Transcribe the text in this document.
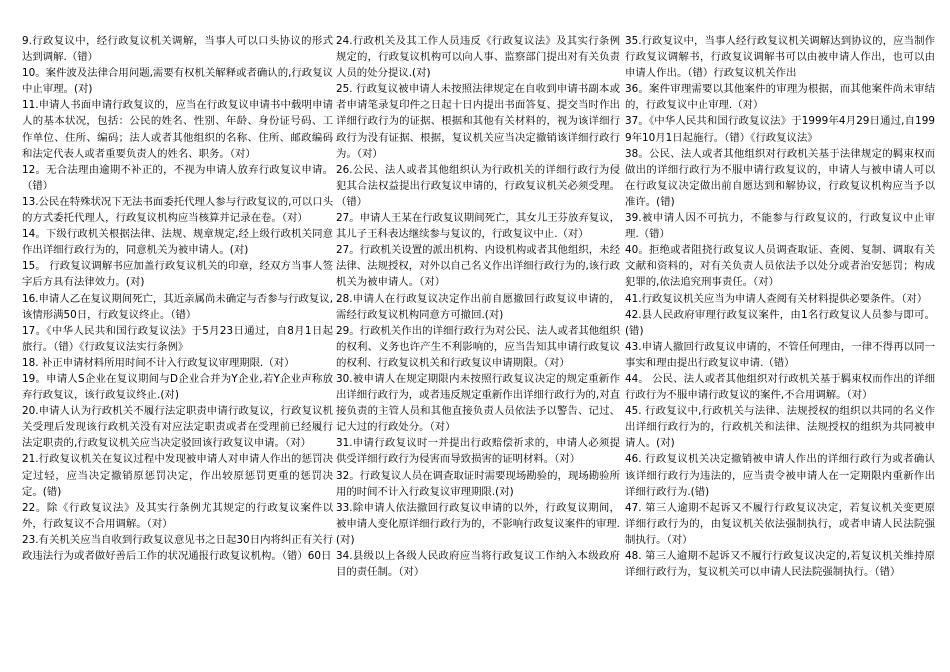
9.行政复议中，经行政复议机关调解，当事人可以口头协议的形式达到调解.（错）

10。案件波及法律合用问题,需要有权机关解释或者确认的,行政复议中止审理。(对)

11.申请人书面申请行政复议的，应当在行政复议申请书中载明申请人的基本状况，包括：公民的姓名、性别、年龄、身份证号码、工作单位、住所、编码；法人或者其他组织的名称、住所、邮政编码和法定代表人或者重要负责人的姓名、职务。（对）

12。无合法理由逾期不补正的，不视为申请人放弃行政复议申请。（错）

13.公民在特殊状况下无法书面委托代理人参与行政复议的,可以口头的方式委托代理人，行政复议机构应当核算并记录在卷。（对）

14。下级行政机关根据法律、法规、规章规定,经上级行政机关同意作出详细行政行为的，同意机关为被申请人。(对)

15。 行政复议调解书应加盖行政复议机关的印章，经双方当事人签字后方具有法律效力。(对)

16.申请人乙在复议期间死亡，其近亲属尚未确定与否参与行政复议,该情形满50日，行政复议终止。（错）

17。《中华人民共和国行政复议法》于5月23日通过，自8月1日起旅行。（错）《行政复议法实行条例》

18. 补正申请材料所用时间不计入行政复议审理期限.（对）

19。申请人S企业在复议期间与D企业合并为Y企业,若Y企业声称放弃行政复议，该行政复议终止.(对)

20.申请人认为行政机关不履行法定职责申请行政复议，行政复议机关受理后发现该行政机关没有对应法定职责或者在受理前已经履行法定职责的,行政复议机关应当决定驳回该行政复议申请。（对）

21.行政复议机关在复议过程中发现被申请人对申请人作出的惩罚决定过轻，应当决定撤销原惩罚决定，作出较原惩罚更重的惩罚决定。(错)

22。除《行政复议法》及其实行条例尤其规定的行政复议案件以外，行政复议不合用调解。（对）

23.有关机关应当自收到行政复议意见书之日起30日内将纠正有关行政违法行为或者做好善后工作的状况通报行政复议机构。（错）60日

24.行政机关及其工作人员违反《行政复议法》及其实行条例规定的，行政复议机构可以向人事、监察部门提出对有关负责人员的处分提议.(对)

25. 行政复议被申请人未按照法律规定在自收到申请书副本或者申请笔录复印件之日起十日内提出书面答复、提交当时作出详细行政行为的证据、根据和其他有关材料的，视为该详细行政行为没有证据、根据，复议机关应当决定撤销该详细行政行为。（对）

26.公民、法人或者其他组织认为行政机关的详细行政行为侵犯其合法权益提出行政复议申请的，行政复议机关必须受理。（错）

27。申请人王某在行政复议期间死亡，其女儿王芬放弃复议，其儿子王科表达继续参与复议的，行政复议中止.（对）

27。行政机关设置的派出机构、内设机构或者其他组织，未经法律、法规授权，对外以自己名义作出详细行政行为的,该行政机关为被申请人。（对）

28.申请人在行政复议决定作出前自愿撤回行政复议申请的，需经行政复议机构同意方可撤回.(对)

29。行政机关作出的详细行政行为对公民、法人或者其他组织的权利、义务也许产生不利影响的，应当告知其申请行政复议的权利、行政复议机关和行政复议申请期限。（对）

30.被申请人在规定期限内未按照行政复议决定的规定重新作出详细行政行为，或者违反规定重新作出详细行政行为的,对直接负责的主管人员和其他直接负责人员依法予以警告、记过、记大过的行政处分。（对）

31.申请行政复议时一并提出行政赔偿祈求的，申请人必须提供受详细行政行为侵害而导致损害的证明材料。（对）

32。行政复议人员在调查取证时需要现场勘验的，现场勘验所用的时间不计入行政复议审理期限.(对)

33.除申请人依法撤回行政复议申请的以外，行政复议期间，被申请人变化原详细行政行为的，不影响行政复议案件的审理.(对)

34.县级以上各级人民政府应当将行政复议工作纳入本级政府目的责任制。（对）

35.行政复议中，当事人经行政复议机关调解达到协议的，应当制作行政复议调解书，行政复议调解书可以由被申请人作出，也可以由申请人作出。（错）行政复议机关作出

36。案件审理需要以其他案件的审理为根据，而其他案件尚未审结的，行政复议中止审理.（对）

37。《中华人民共和国行政复议法》于1999年4月29日通过,自1999年10月1日起施行。（错）《行政复议法》

38。公民、法人或者其他组织对行政机关基于法律规定的羁束权而做出的详细行政行为不服申请行政复议的，申请人与被申请人可以在行政复议决定做出前自愿达到和解协议，行政复议机构应当予以准许。(错)

39.被申请人因不可抗力，不能参与行政复议的，行政复议中止审理.（错）

40。拒绝或者阻挠行政复议人员调查取证、查阅、复制、调取有关文献和资料的，对有关负责人员依法予以处分或者治安惩罚；构成犯罪的,依法追究刑事责任。（对）

41.行政复议机关应当为申请人查阅有关材料提供必要条件。（对）

42.县人民政府审理行政复议案件，由1名行政复议人员参与即可。(错)

43.申请人撤回行政复议申请的，不管任何理由，一律不得再以同一事实和理由提出行政复议申请.（错）

44。 公民、法人或者其他组织对行政机关基于羁束权而作出的详细行政行为不服申请行政复议的案件,不合用调解。（对）

45. 行政复议中,行政机关与法律、法规授权的组织以共同的名义作出详细行政行为的，行政机关和法律、法规授权的组织为共同被申请人。(对)

46. 行政复议机关决定撤销被申请人作出的详细行政行为或者确认该详细行政行为违法的，应当责令被申请人在一定期限内重新作出详细行政行为.(错)

47. 第三人逾期不起诉又不履行行政复议决定，若复议机关变更原详细行政行为的，由复议机关依法强制执行，或者申请人民法院强制执行。（对）

48. 第三人逾期不起诉又不履行行政复议决定的,若复议机关维持原详细行政行为，复议机关可以申请人民法院强制执行。（错）
